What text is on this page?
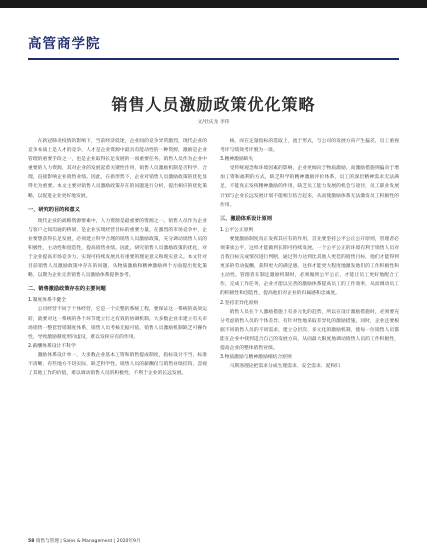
高管商学院
销售人员激励政策优化策略
文/杜庆龙 李伟

在新冠肺炎疫情的影响下，当前经济低迷，企业间的竞争异常激烈，现代企业的竞争本质上是人才的竞争，人才是企业资源中最具有能动性的一种资源，激励是企业管理的重要手段之一，也是企业取得长足发展的一项重要任务。销售人员作为企业中重要的人力资源，其对企业的发展起着关键性作用，销售人员激励机制是否科学、合理，直接影响企业销售业绩。因此，在新形势下，企业对销售人员激励政策的优化显得尤为重要。本文主要对销售人员激励政策存在的问题进行分析，提出相应的优化策略，以促进企业更好地发展。

一、研究的目的和意义

现代企业的战略资源要素中，人力资源是最重要的资源之一。销售人员作为企业与客户之间沟通的桥梁，是企业实现经营目标的重要力量。在激烈的市场竞争中，企业要想获得长足发展，必须建立科学合理的销售人员激励政策，充分调动销售人员的积极性、主动性和创造性，提高销售业绩。因此，研究销售人员激励政策的优化，对于企业提高市场竞争力、实现可持续发展具有重要的理论意义和现实意义。本文针对目前销售人员激励政策中存在的问题，从物质激励和精神激励两个方面提出优化策略，以期为企业完善销售人员激励体系提供参考。

二、销售激励政策存在的主要问题

1.制度体系不健全

公司经营不同于个体经营，它是一个完整的系统工程，要保证这一系统的高效运转，就要对这一系统的各个环节建立行之有效的协调机制。大多数企业未建立有关市场销售一整套营销制度体系，销售人员考核无据可依，销售人员激励机制缺乏可操作性，导致激励制度形同虚设，难以发挥应有的作用。

2.薪酬体系设计不科学

激励体系设计单一，大多数企业基本工资和销售提成制度，指标设计不当，标准不清晰，有些地方不切实际，缺乏科学性。销售人员的薪酬仅与销售业绩挂钩，忽视了其他工作的价值，难以调动销售人员的积极性，不利于企业的长远发展。

核，而在定量指标的选取上，流于形式，与公司的发展方向产生偏差，员工重视考评与绩效考评脱为一谈。

3.精神激励缺失

受传统观念和环境因素的影响，企业更倾向于物质激励，而激励措施则偏向于增加工资和福利的方式，缺乏科学的精神激励评价体系，员工的深层精神需求无法满足，不能真正发挥精神激励的作用，缺乏员工能力发展的机会与途径，员工职业发展计划与企业长远发展计划不能相互结合起来，从而使激励体系无法激发员工积极性的作用。

三、激励体系设计原则

1.公平公正原则

要使激励制度真正发挥其应有的作用，首先要坚持公平公正公开原则，管理者必须秉承公平，这样才能做到长期可持续发展。一个公平公正的环境有利于销售人员对自我目标完成情况进行判断，通过努力达到比其他人更佳的销售目标，他们才能得到更多的劳动报酬，获得更大的满足感，这样才能更大程度地激发他们的工作积极性和主动性。管理者在制定激励机制时，必须做到公平公正，才能让员工更好地配合工作，完成工作任务，企业才能以完善的激励体系提高员工的工作效率，从而调动员工的积极性和创造性，提高他们对企业的归属感和忠诚度。

2.坚持差异化原则

销售人员在个人激励措施上有多元化的趋势，所以在设计激励措施时，必须要充分考虑销售人员的个体差异，有针对性地采取差异化的激励措施。同时，企业还要根据不同销售人员的不同需求，建立分层次、多元化的激励机制，使每一位销售人员都能在企业中找到适合自己的发展方向，从而最大限度地调动销售人员的工作积极性，提高企业的整体销售业绩。

3.物质激励与精神激励相结合原则

马斯洛理论把需求分成生理需求、安全需求、爱和归

58 销售与管理 | Sales & Management | 2020年9月
